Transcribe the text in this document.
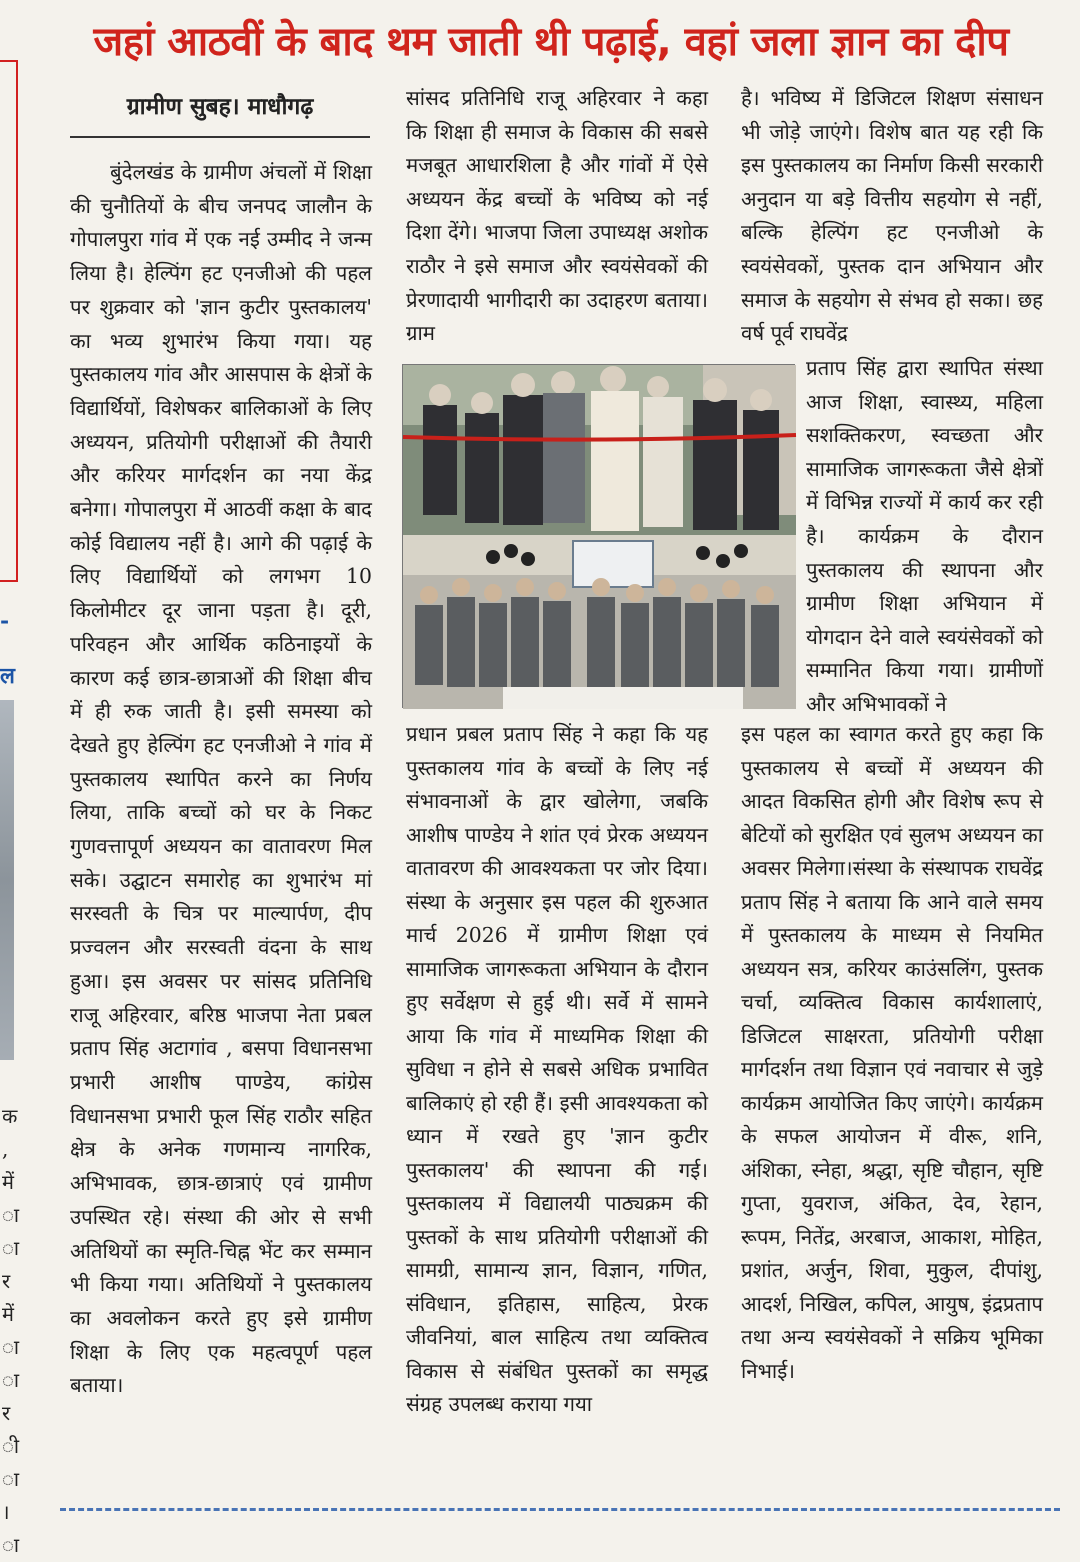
-
ल
क , में ा ा र में ा ा र ी ा । ा
जहां आठवीं के बाद थम जाती थी पढ़ाई, वहां जला ज्ञान का दीप
ग्रामीण सुबह। माधौगढ़

बुंदेलखंड के ग्रामीण अंचलों में शिक्षा की चुनौतियों के बीच जनपद जालौन के गोपालपुरा गांव में एक नई उम्मीद ने जन्म लिया है। हेल्पिंग हट एनजीओ की पहल पर शुक्रवार को 'ज्ञान कुटीर पुस्तकालय' का भव्य शुभारंभ किया गया। यह पुस्तकालय गांव और आसपास के क्षेत्रों के विद्यार्थियों, विशेषकर बालिकाओं के लिए अध्ययन, प्रतियोगी परीक्षाओं की तैयारी और करियर मार्गदर्शन का नया केंद्र बनेगा। गोपालपुरा में आठवीं कक्षा के बाद कोई विद्यालय नहीं है। आगे की पढ़ाई के लिए विद्यार्थियों को लगभग 10 किलोमीटर दूर जाना पड़ता है। दूरी, परिवहन और आर्थिक कठिनाइयों के कारण कई छात्र-छात्राओं की शिक्षा बीच में ही रुक जाती है। इसी समस्या को देखते हुए हेल्पिंग हट एनजीओ ने गांव में पुस्तकालय स्थापित करने का निर्णय लिया, ताकि बच्चों को घर के निकट गुणवत्तापूर्ण अध्ययन का वातावरण मिल सके। उद्घाटन समारोह का शुभारंभ मां सरस्वती के चित्र पर माल्यार्पण, दीप प्रज्वलन और सरस्वती वंदना के साथ हुआ। इस अवसर पर सांसद प्रतिनिधि राजू अहिरवार, बरिष्ठ भाजपा नेता प्रबल प्रताप सिंह अटागांव , बसपा विधानसभा प्रभारी आशीष पाण्डेय, कांग्रेस विधानसभा प्रभारी फूल सिंह राठौर सहित क्षेत्र के अनेक गणमान्य नागरिक, अभिभावक, छात्र-छात्राएं एवं ग्रामीण उपस्थित रहे। संस्था की ओर से सभी अतिथियों का स्मृति-चिह्न भेंट कर सम्मान भी किया गया। अतिथियों ने पुस्तकालय का अवलोकन करते हुए इसे ग्रामीण शिक्षा के लिए एक महत्वपूर्ण पहल बताया।

सांसद प्रतिनिधि राजू अहिरवार ने कहा कि शिक्षा ही समाज के विकास की सबसे मजबूत आधारशिला है और गांवों में ऐसे अध्ययन केंद्र बच्चों के भविष्य को नई दिशा देंगे। भाजपा जिला उपाध्यक्ष अशोक राठौर ने इसे समाज और स्वयंसेवकों की प्रेरणादायी भागीदारी का उदाहरण बताया। ग्राम

प्रधान प्रबल प्रताप सिंह ने कहा कि यह पुस्तकालय गांव के बच्चों के लिए नई संभावनाओं के द्वार खोलेगा, जबकि आशीष पाण्डेय ने शांत एवं प्रेरक अध्ययन वातावरण की आवश्यकता पर जोर दिया। संस्था के अनुसार इस पहल की शुरुआत मार्च 2026 में ग्रामीण शिक्षा एवं सामाजिक जागरूकता अभियान के दौरान हुए सर्वेक्षण से हुई थी। सर्वे में सामने आया कि गांव में माध्यमिक शिक्षा की सुविधा न होने से सबसे अधिक प्रभावित बालिकाएं हो रही हैं। इसी आवश्यकता को ध्यान में रखते हुए 'ज्ञान कुटीर पुस्तकालय' की स्थापना की गई। पुस्तकालय में विद्यालयी पाठ्यक्रम की पुस्तकों के साथ प्रतियोगी परीक्षाओं की सामग्री, सामान्य ज्ञान, विज्ञान, गणित, संविधान, इतिहास, साहित्य, प्रेरक जीवनियां, बाल साहित्य तथा व्यक्तित्व विकास से संबंधित पुस्तकों का समृद्ध संग्रह उपलब्ध कराया गया

है। भविष्य में डिजिटल शिक्षण संसाधन भी जोड़े जाएंगे। विशेष बात यह रही कि इस पुस्तकालय का निर्माण किसी सरकारी अनुदान या बड़े वित्तीय सहयोग से नहीं, बल्कि हेल्पिंग हट एनजीओ के स्वयंसेवकों, पुस्तक दान अभियान और समाज के सहयोग से संभव हो सका। छह वर्ष पूर्व राघवेंद्र

प्रताप सिंह द्वारा स्थापित संस्था आज शिक्षा, स्वास्थ्य, महिला सशक्तिकरण, स्वच्छता और सामाजिक जागरूकता जैसे क्षेत्रों में विभिन्न राज्यों में कार्य कर रही है। कार्यक्रम के दौरान पुस्तकालय की स्थापना और ग्रामीण शिक्षा अभियान में योगदान देने वाले स्वयंसेवकों को सम्मानित किया गया। ग्रामीणों और अभिभावकों ने

इस पहल का स्वागत करते हुए कहा कि पुस्तकालय से बच्चों में अध्ययन की आदत विकसित होगी और विशेष रूप से बेटियों को सुरक्षित एवं सुलभ अध्ययन का अवसर मिलेगा।संस्था के संस्थापक राघवेंद्र प्रताप सिंह ने बताया कि आने वाले समय में पुस्तकालय के माध्यम से नियमित अध्ययन सत्र, करियर काउंसलिंग, पुस्तक चर्चा, व्यक्तित्व विकास कार्यशालाएं, डिजिटल साक्षरता, प्रतियोगी परीक्षा मार्गदर्शन तथा विज्ञान एवं नवाचार से जुड़े कार्यक्रम आयोजित किए जाएंगे। कार्यक्रम के सफल आयोजन में वीरू, शनि, अंशिका, स्नेहा, श्रद्धा, सृष्टि चौहान, सृष्टि गुप्ता, युवराज, अंकित, देव, रेहान, रूपम, नितेंद्र, अरबाज, आकाश, मोहित, प्रशांत, अर्जुन, शिवा, मुकुल, दीपांशु, आदर्श, निखिल, कपिल, आयुष, इंद्रप्रताप तथा अन्य स्वयंसेवकों ने सक्रिय भूमिका निभाई।
